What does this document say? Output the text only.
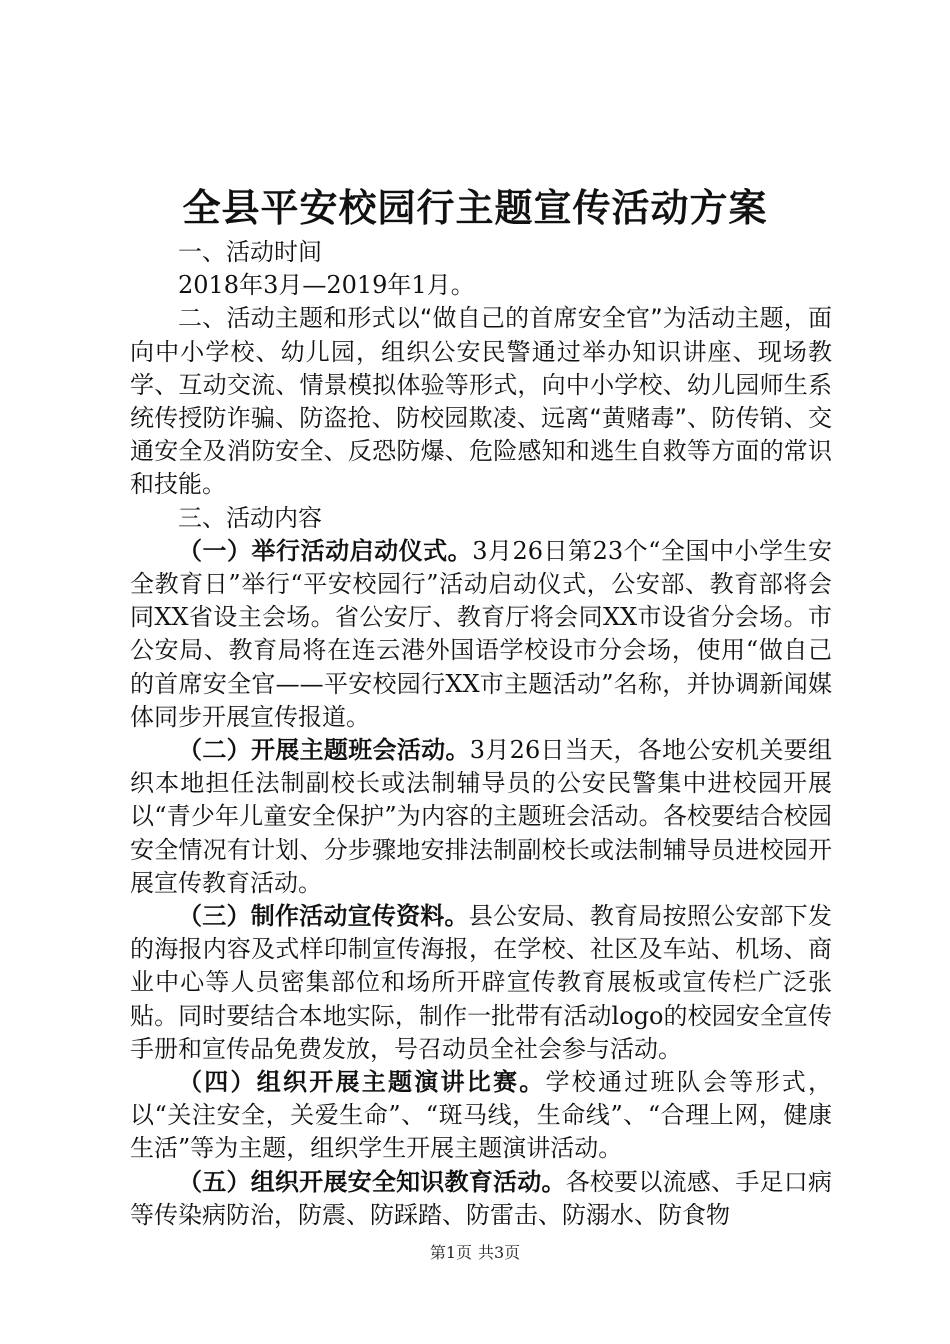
全县平安校园行主题宣传活动方案

一、活动时间

2018年3月—2019年1月。

二、活动主题和形式以“做自己的首席安全官”为活动主题，面向中小学校、幼儿园，组织公安民警通过举办知识讲座、现场教学、互动交流、情景模拟体验等形式，向中小学校、幼儿园师生系统传授防诈骗、防盗抢、防校园欺凌、远离“黄赌毒”、防传销、交通安全及消防安全、反恐防爆、危险感知和逃生自救等方面的常识和技能。

三、活动内容

（一）举行活动启动仪式。3月26日第23个“全国中小学生安全教育日”举行“平安校园行”活动启动仪式，公安部、教育部将会同XX省设主会场。省公安厅、教育厅将会同XX市设省分会场。市公安局、教育局将在连云港外国语学校设市分会场，使用“做自己的首席安全官——平安校园行XX市主题活动”名称，并协调新闻媒体同步开展宣传报道。

（二）开展主题班会活动。3月26日当天，各地公安机关要组织本地担任法制副校长或法制辅导员的公安民警集中进校园开展以“青少年儿童安全保护”为内容的主题班会活动。各校要结合校园安全情况有计划、分步骤地安排法制副校长或法制辅导员进校园开展宣传教育活动。

（三）制作活动宣传资料。县公安局、教育局按照公安部下发的海报内容及式样印制宣传海报，在学校、社区及车站、机场、商业中心等人员密集部位和场所开辟宣传教育展板或宣传栏广泛张贴。同时要结合本地实际，制作一批带有活动logo的校园安全宣传手册和宣传品免费发放，号召动员全社会参与活动。

（四）组织开展主题演讲比赛。学校通过班队会等形式，以“关注安全，关爱生命”、“斑马线，生命线”、“合理上网，健康生活”等为主题，组织学生开展主题演讲活动。

（五）组织开展安全知识教育活动。各校要以流感、手足口病等传染病防治，防震、防踩踏、防雷击、防溺水、防食物

第1页 共3页
